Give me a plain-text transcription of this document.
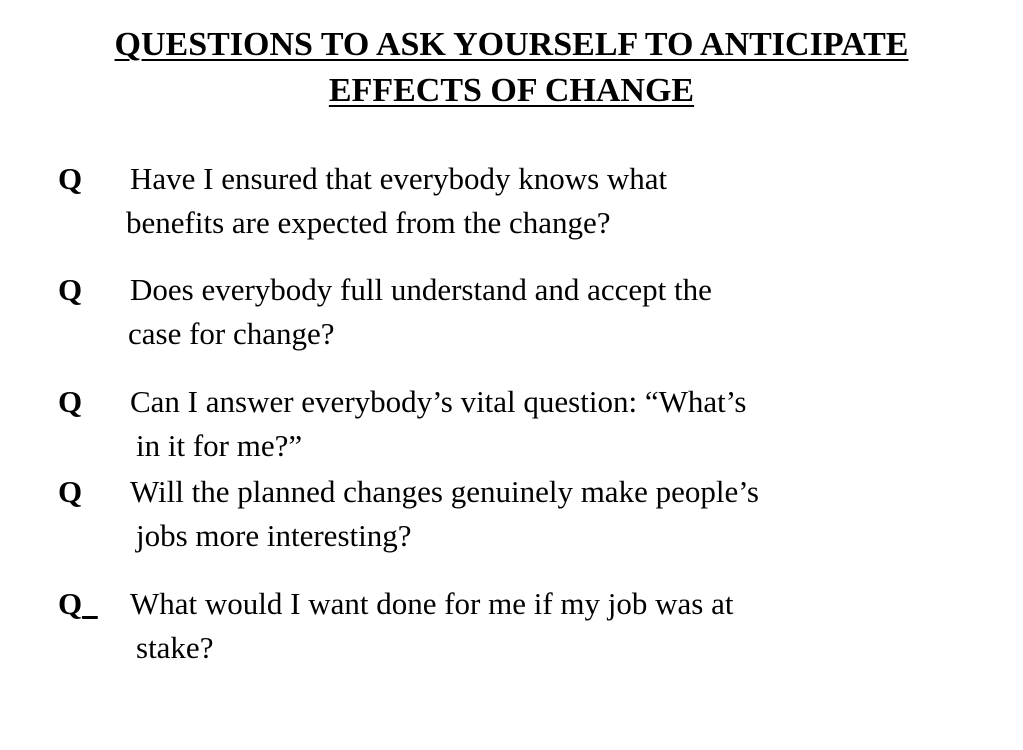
QUESTIONS TO ASK YOURSELF TO ANTICIPATE
EFFECTS OF CHANGE
Q Have I ensured that everybody knows what
benefits are expected from the change?
Q Does everybody full understand and accept the
case for change?
Q Can I answer everybody’s vital question: “What’s
in it for me?”
Q Will the planned changes genuinely make people’s
jobs more interesting?
Q_ What would I want done for me if my job was at
stake?
